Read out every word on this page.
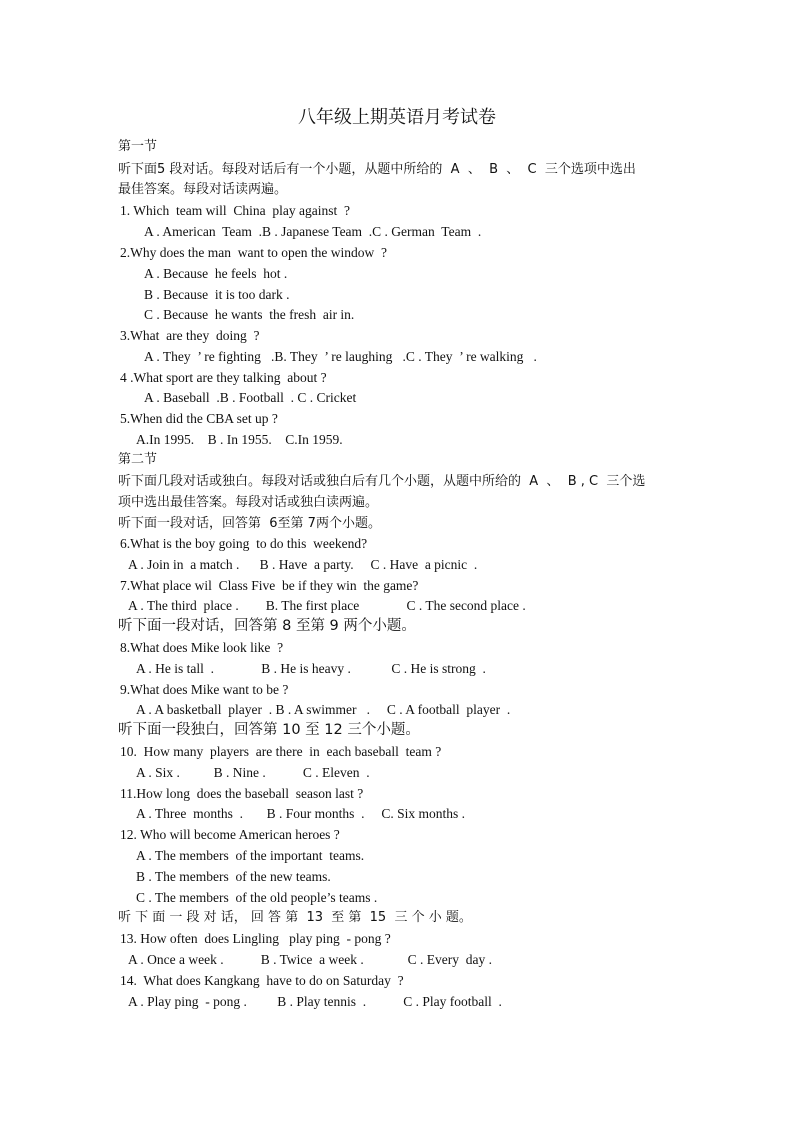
八年级上期英语月考试卷
第一节
听下面5 段对话。每段对话后有一个小题，从题中所给的  A  、  B  、  C  三个选项中选出
最佳答案。每段对话读两遍。
1. Which  team will  China  play against  ?
A . American  Team  .B . Japanese Team  .C . German  Team  .
2.Why does the man  want to open the window  ?
A . Because  he feels  hot .
B . Because  it is too dark .
C . Because  he wants  the fresh  air in.
3.What  are they  doing  ?
A . They  ’ re fighting   .B. They  ’ re laughing   .C . They  ’ re walking   .
4 .What sport are they talking  about ?
A . Baseball  .B . Football  . C . Cricket
5.When did the CBA set up ?
A.In 1995.    B . In 1955.    C.In 1959.
第二节
听下面几段对话或独白。每段对话或独白后有几个小题，从题中所给的  A  、  B , C  三个选
项中选出最佳答案。每段对话或独白读两遍。
听下面一段对话，回答第  6至第 7两个小题。
6.What is the boy going  to do this  weekend?
A . Join in  a match .      B . Have  a party.     C . Have  a picnic  .
7.What place wil  Class Five  be if they win  the game?
A . The third  place .        B. The first place              C . The second place .
听下面一段对话，回答第 8 至第 9 两个小题。
8.What does Mike look like  ?
A . He is tall  .              B . He is heavy .            C . He is strong  .
9.What does Mike want to be ?
A . A basketball  player  . B . A swimmer   .     C . A football  player  .
听下面一段独白，回答第 10 至 12 三个小题。
10.  How many  players  are there  in  each baseball  team ?
A . Six .          B . Nine .           C . Eleven  .
11.How long  does the baseball  season last ?
A . Three  months  .       B . Four months  .     C. Six months .
12. Who will become American heroes ?
A . The members  of the important  teams.
B . The members  of the new teams.
C . The members  of the old people’s teams .
听 下 面 一 段 对 话， 回 答 第  13  至 第  15  三 个 小 题。
13. How often  does Lingling   play ping  - pong ?
A . Once a week .           B . Twice  a week .             C . Every  day .
14.  What does Kangkang  have to do on Saturday  ?
A . Play ping  - pong .         B . Play tennis  .           C . Play football  .
